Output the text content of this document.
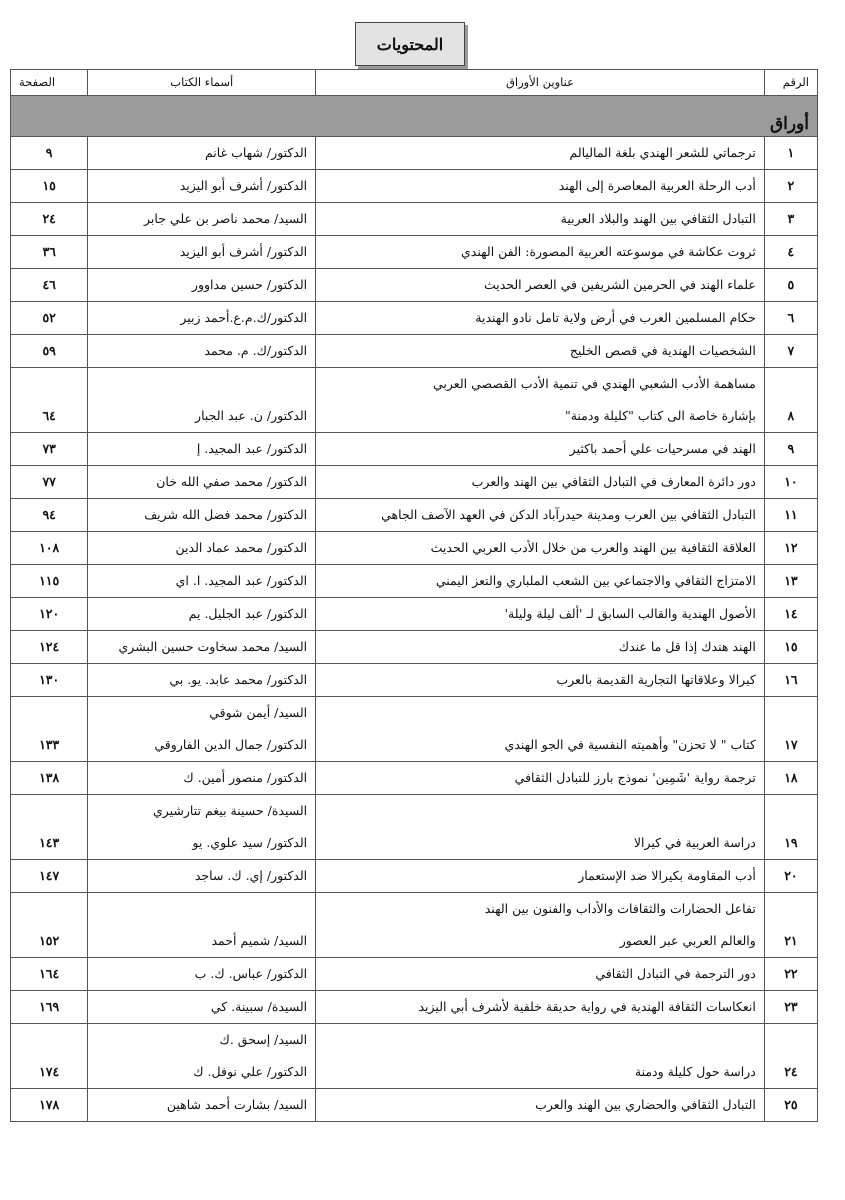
المحتويات
الرقم	عناوين الأوراق	أسماء الكتاب	الصفحة
أوراق			
١	ترجماتي للشعر الهندي بلغة الماليالم	الدكتور/ شهاب غانم	٩
٢	أدب الرحلة العربية المعاصرة إلى الهند	الدكتور/ أشرف أبو اليزيد	١٥
٣	التبادل الثقافي بين الهند والبلاد العربية	السيد/ محمد ناصر بن علي جابر	٢٤
٤	ثروت عكاشة في موسوعته العربية المصورة: الفن الهندي	الدكتور/ أشرف أبو اليزيد	٣٦
٥	علماء الهند في الحرمين الشريفين في العصر الحديث	الدكتور/ حسين مداوور	٤٦
٦	حكام المسلمين العرب في أرض ولاية تامل نادو الهندية	الدكتور/ك.م.ع.أحمد زبير	٥٢
٧	الشخصيات الهندية في قصص الخليج	الدكتور/ك. م. محمد	٥٩
٨	مساهمة الأدب الشعبي الهندي في تنمية الأدب القصصي العربي
بإشارة خاصة الى كتاب "كليلة ودمنة"	الدكتور/ ن. عبد الجبار	٦٤
٩	الهند في مسرحيات علي أحمد باكثير	الدكتور/ عبد المجيد. إ	٧٣
١٠	دور دائرة المعارف في التبادل الثقافي بين الهند والعرب	الدكتور/ محمد صفي الله خان	٧٧
١١	التبادل الثقافي بين العرب ومدينة حيدرآباد الدكن في العهد الآصف الجاهي	الدكتور/ محمد فضل الله شريف	٩٤
١٢	العلاقة الثقافية بين الهند والعرب من خلال الأدب العربي الحديث	الدكتور/ محمد عماد الدين	١٠٨
١٣	الامتزاج الثقافي والاجتماعي بين الشعب الملباري والتعز اليمني	الدكتور/ عبد المجيد. ا. اي	١١٥
١٤	الأصول الهندية والقالب السابق لـ 'ألف ليلة وليلة'	الدكتور/ عبد الجليل. يم	١٢٠
١٥	الهند هندك إذا قل ما عندك	السيد/ محمد سخاوت حسين البشري	١٢٤
١٦	كيرالا وعلاقاتها التجارية القديمة بالعرب	الدكتور/ محمد عابد. يو. بي	١٣٠
١٧	كتاب " لا تحزن" وأهميته النفسية في الجو الهندي	السيد/ أيمن شوقي
الدكتور/ جمال الدين الفاروقي	١٣٣
١٨	ترجمة رواية 'شَمِين' نموذج بارز للتبادل الثقافي	الدكتور/ منصور أمين. ك	١٣٨
١٩	دراسة العربية في كيرالا	السيدة/ حسينة بيغم تتارشيري
الدكتور/ سيد علوي. يو	١٤٣
٢٠	أدب المقاومة بكيرالا ضد الإستعمار	الدكتور/ إي. ك. ساجد	١٤٧
٢١	تفاعل الحضارات والثقافات والأداب والفنون بين الهند
والعالم العربي عبر العصور	السيد/ شميم أحمد	١٥٢
٢٢	دور الترجمة في التبادل الثقافي	الدكتور/ عباس. ك. ب	١٦٤
٢٣	انعكاسات الثقافة الهندية في رواية حديقة خلفية لأشرف أبي اليزيد	السيدة/ سبينة. كي	١٦٩
٢٤	دراسة حول كليلة ودمنة	السيد/ إسحق .ك
الدكتور/ علي نوفل. ك	١٧٤
٢٥	التبادل الثقافي والحضاري بين الهند والعرب	السيد/ بشارت أحمد شاهين	١٧٨
